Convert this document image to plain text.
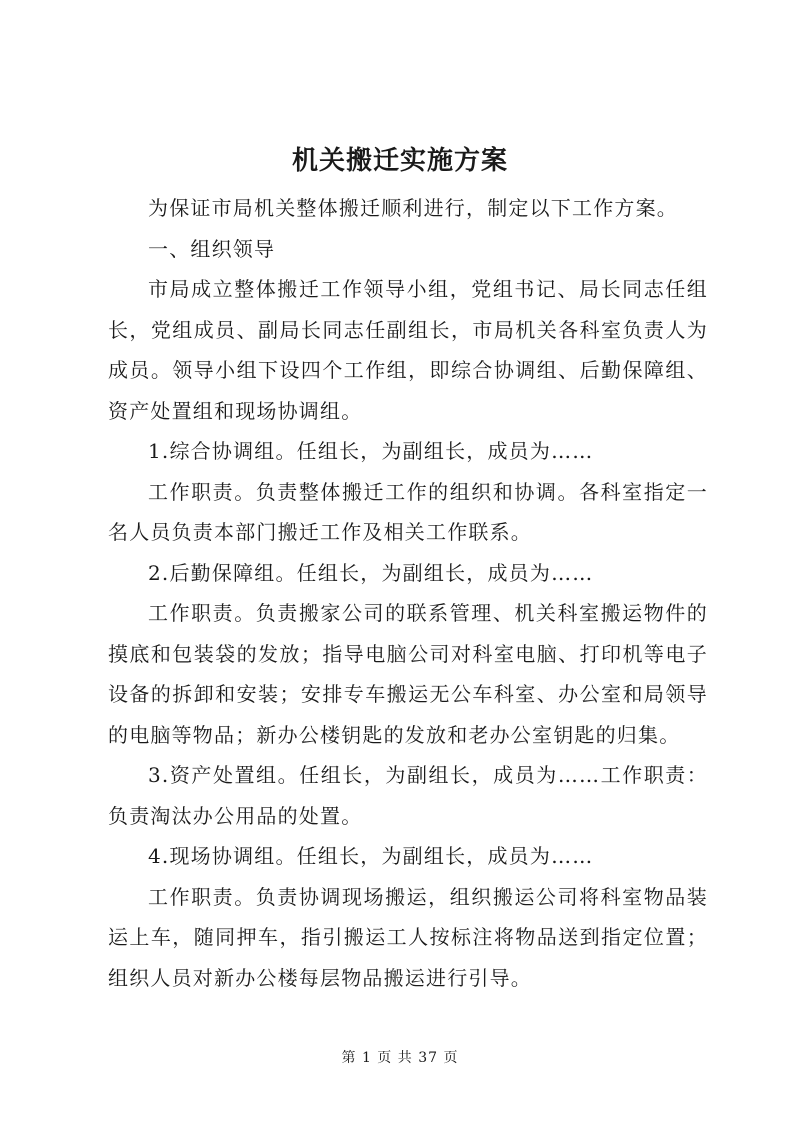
机关搬迁实施方案

为保证市局机关整体搬迁顺利进行，制定以下工作方案。

一、组织领导

市局成立整体搬迁工作领导小组，党组书记、局长同志任组长，党组成员、副局长同志任副组长，市局机关各科室负责人为成员。领导小组下设四个工作组，即综合协调组、后勤保障组、资产处置组和现场协调组。

1.综合协调组。任组长，为副组长，成员为……

工作职责。负责整体搬迁工作的组织和协调。各科室指定一名人员负责本部门搬迁工作及相关工作联系。

2.后勤保障组。任组长，为副组长，成员为……

工作职责。负责搬家公司的联系管理、机关科室搬运物件的摸底和包装袋的发放；指导电脑公司对科室电脑、打印机等电子设备的拆卸和安装；安排专车搬运无公车科室、办公室和局领导的电脑等物品；新办公楼钥匙的发放和老办公室钥匙的归集。

3.资产处置组。任组长，为副组长，成员为……工作职责：负责淘汰办公用品的处置。

4.现场协调组。任组长，为副组长，成员为……

工作职责。负责协调现场搬运，组织搬运公司将科室物品装运上车，随同押车，指引搬运工人按标注将物品送到指定位置；组织人员对新办公楼每层物品搬运进行引导。

第 1 页 共 37 页
